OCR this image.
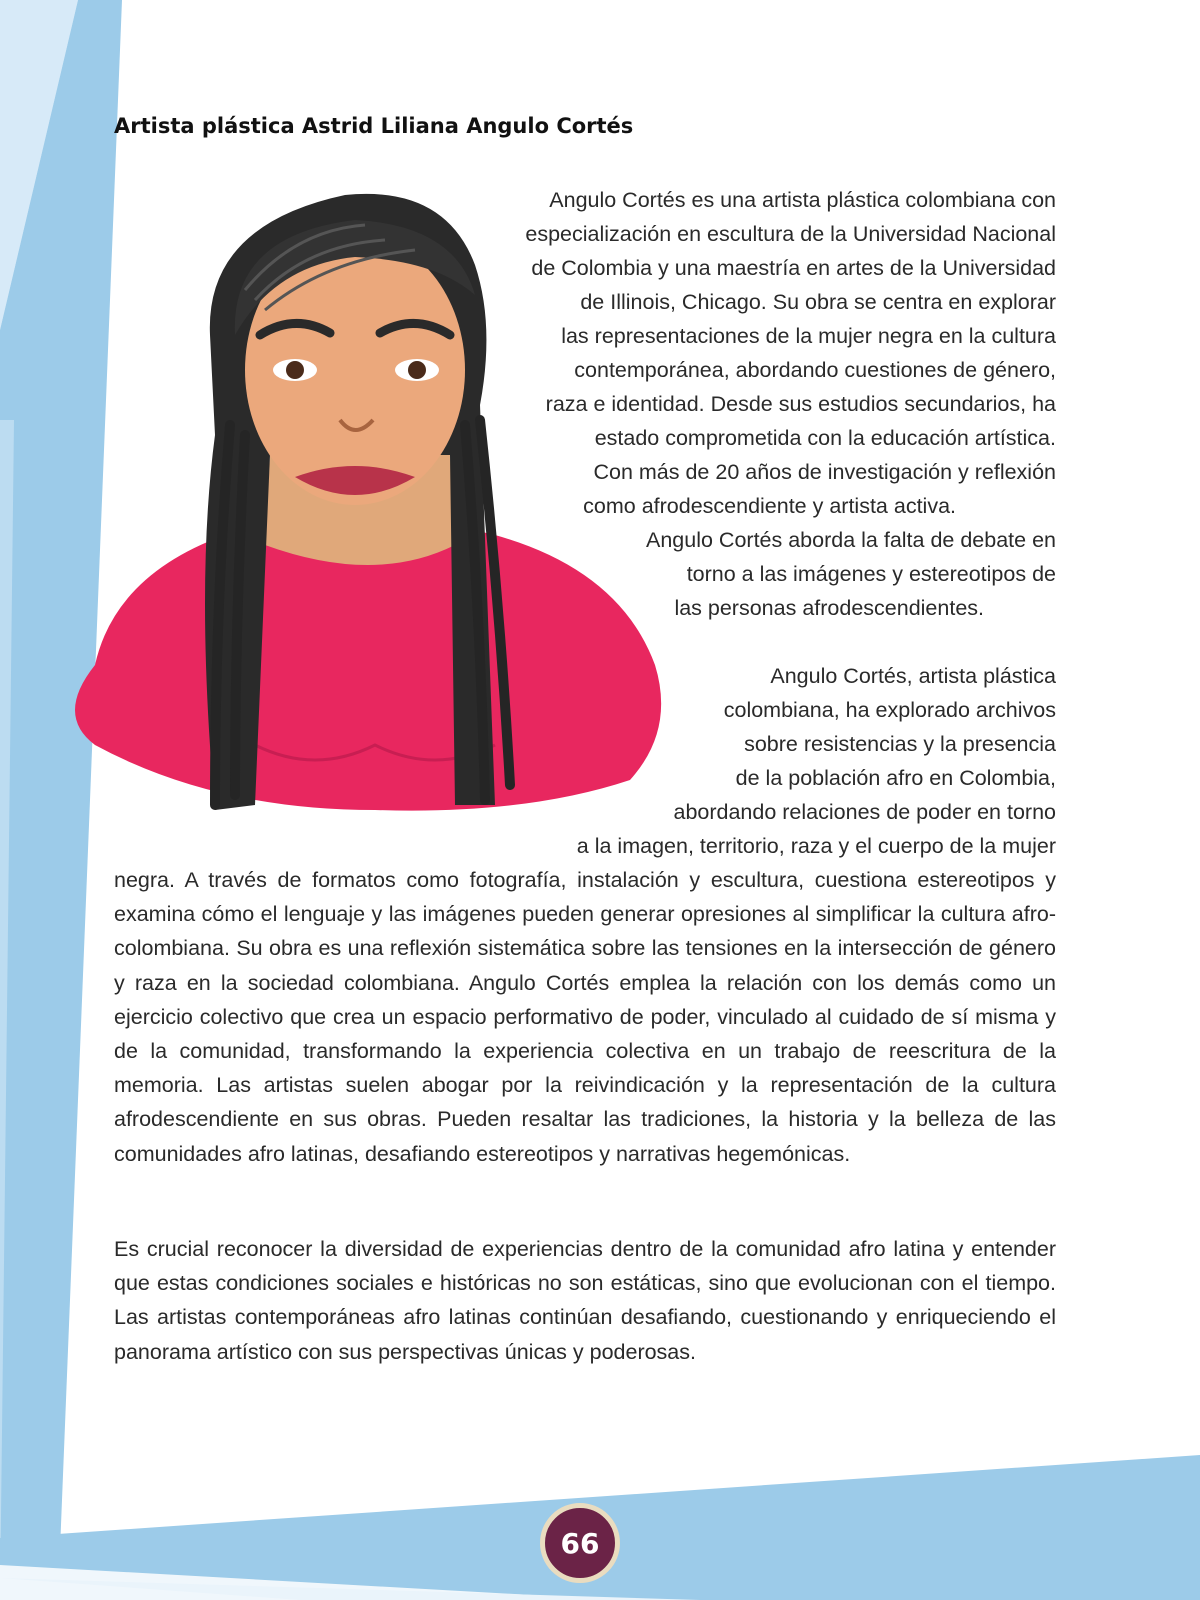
Artista plástica Astrid Liliana Angulo Cortés
Angulo Cortés es una artista plástica colombiana con
especialización en escultura de la Universidad Nacional
de Colombia y una maestría en artes de la Universidad
de Illinois, Chicago. Su obra se centra en explorar
las representaciones de la mujer negra en la cultura
contemporánea, abordando cuestiones de género,
raza e identidad. Desde sus estudios secundarios, ha
estado comprometida con la educación artística.
Con más de 20 años de investigación y reflexión
como afrodescendiente y artista activa.
Angulo Cortés aborda la falta de debate en
torno a las imágenes y estereotipos de
las personas afrodescendientes.
Angulo Cortés, artista plástica
colombiana, ha explorado archivos
sobre resistencias y la presencia
de la población afro en Colombia,
abordando relaciones de poder en torno
a la imagen, territorio, raza y el cuerpo de la mujer

negra. A través de formatos como fotografía, instalación y escultura, cuestiona estereotipos y examina cómo el lenguaje y las imágenes pueden generar opresiones al simplificar la cultura afro-colombiana. Su obra es una reflexión sistemática sobre las tensiones en la intersección de género y raza en la sociedad colombiana. Angulo Cortés emplea la relación con los demás como un ejercicio colectivo que crea un espacio performativo de poder, vinculado al cuidado de sí misma y de la comunidad, transformando la experiencia colectiva en un trabajo de reescritura de la memoria. Las artistas suelen abogar por la reivindicación y la representación de la cultura afrodescendiente en sus obras. Pueden resaltar las tradiciones, la historia y la belleza de las comunidades afro latinas, desafiando estereotipos y narrativas hegemónicas.

Es crucial reconocer la diversidad de experiencias dentro de la comunidad afro latina y entender que estas condiciones sociales e históricas no son estáticas, sino que evolucionan con el tiempo. Las artistas contemporáneas afro latinas continúan desafiando, cuestionando y enriqueciendo el panorama artístico con sus perspectivas únicas y poderosas.

66
